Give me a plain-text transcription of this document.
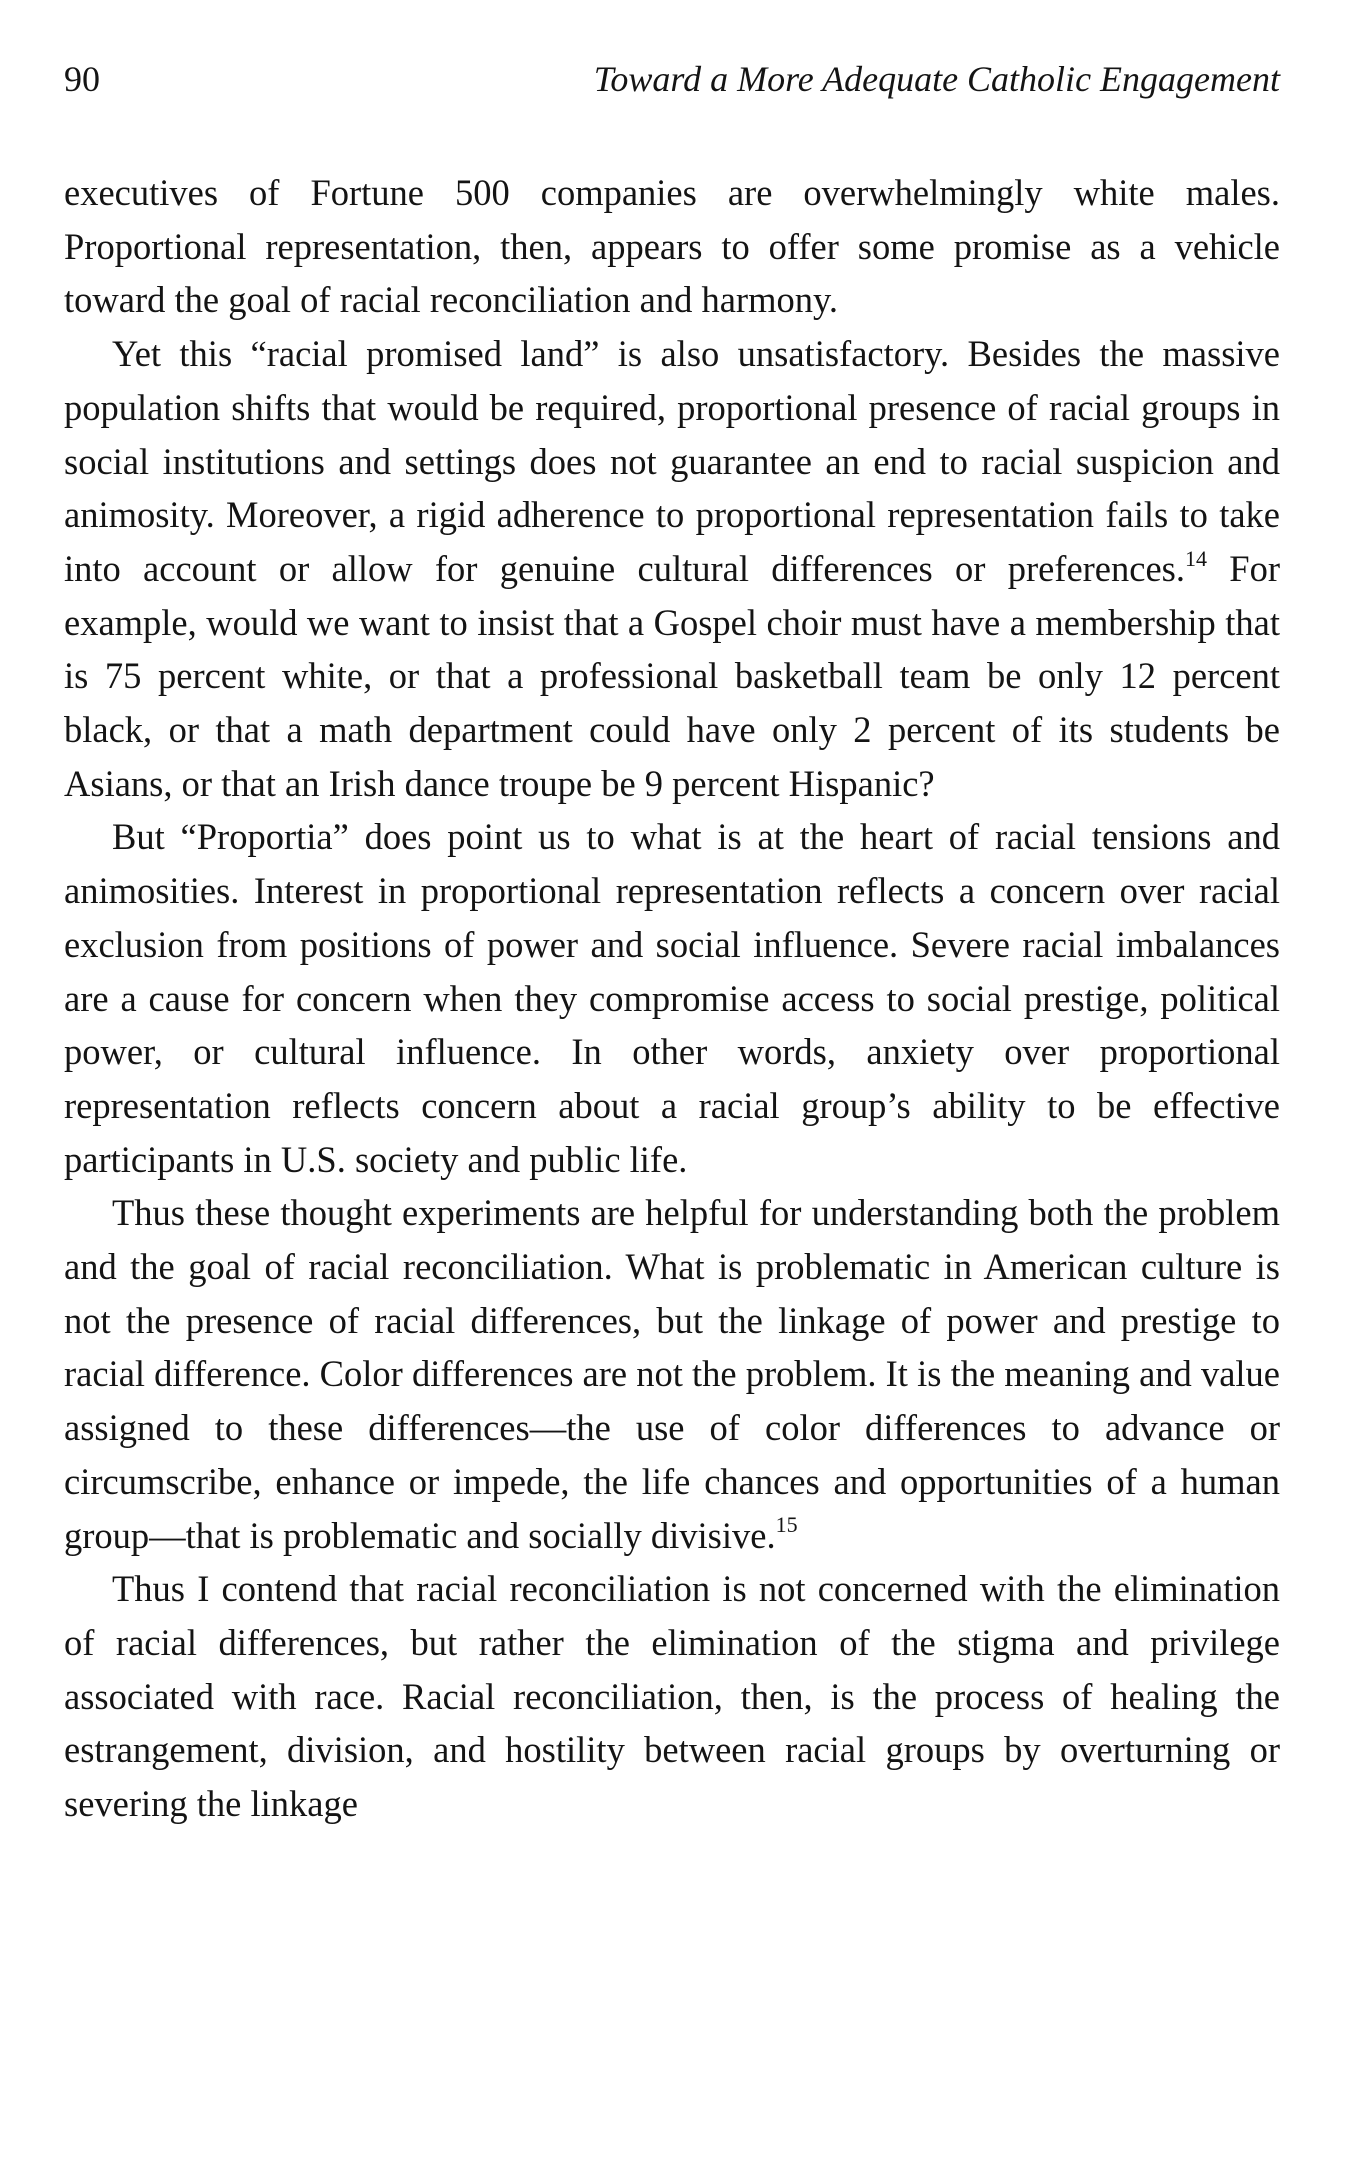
90	Toward a More Adequate Catholic Engagement

executives of Fortune 500 companies are overwhelmingly white males. Proportional representation, then, appears to offer some promise as a vehicle toward the goal of racial reconciliation and harmony.

Yet this “racial promised land” is also unsatisfactory. Besides the massive population shifts that would be required, proportional presence of racial groups in social institutions and settings does not guarantee an end to racial suspicion and animosity. Moreover, a rigid adherence to proportional representation fails to take into account or allow for genuine cultural differences or preferences.$^{14}$ For example, would we want to insist that a Gospel choir must have a membership that is 75 percent white, or that a professional basketball team be only 12 percent black, or that a math department could have only 2 percent of its students be Asians, or that an Irish dance troupe be 9 percent Hispanic?

But “Proportia” does point us to what is at the heart of racial tensions and animosities. Interest in proportional representation reflects a concern over racial exclusion from positions of power and social influence. Severe racial imbalances are a cause for concern when they compromise access to social prestige, political power, or cultural influence. In other words, anxiety over proportional representation reflects concern about a racial group’s ability to be effective participants in U.S. society and public life.

Thus these thought experiments are helpful for understanding both the problem and the goal of racial reconciliation. What is problematic in American culture is not the presence of racial differences, but the linkage of power and prestige to racial difference. Color differences are not the problem. It is the meaning and value assigned to these differences—the use of color differences to advance or circumscribe, enhance or impede, the life chances and opportunities of a human group—that is problematic and socially divisive.$^{15}$

Thus I contend that racial reconciliation is not concerned with the elimination of racial differences, but rather the elimination of the stigma and privilege associated with race. Racial reconciliation, then, is the process of healing the estrangement, division, and hostility between racial groups by overturning or severing the linkage
